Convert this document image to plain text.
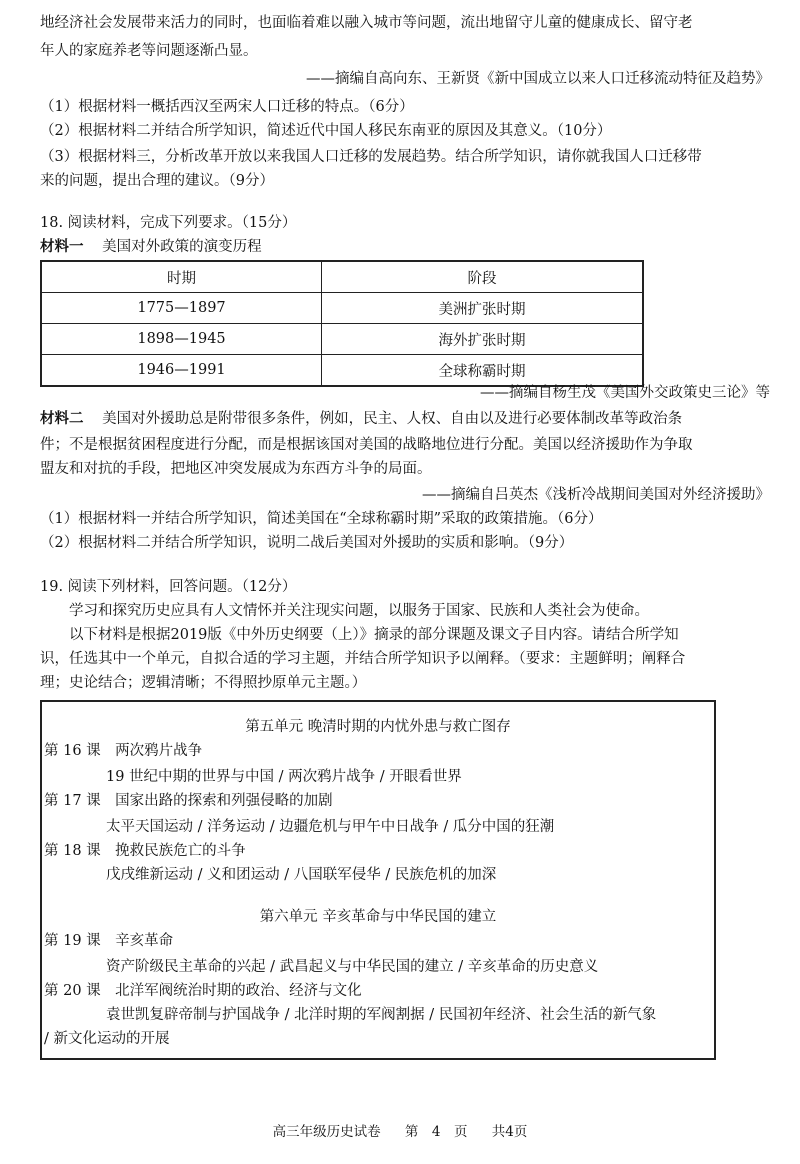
地经济社会发展带来活力的同时，也面临着难以融入城市等问题，流出地留守儿童的健康成长、留守老

年人的家庭养老等问题逐渐凸显。

——摘编自高向东、王新贤《新中国成立以来人口迁移流动特征及趋势》

（1）根据材料一概括西汉至两宋人口迁移的特点。（6分）

（2）根据材料二并结合所学知识，简述近代中国人移民东南亚的原因及其意义。（10分）

（3）根据材料三，分析改革开放以来我国人口迁移的发展趋势。结合所学知识，请你就我国人口迁移带

来的问题，提出合理的建议。（9分）

18. 阅读材料，完成下列要求。（15分）

材料一 美国对外政策的演变历程

时期	阶段
1775—1897	美洲扩张时期
1898—1945	海外扩张时期
1946—1991	全球称霸时期

——摘编自杨生茂《美国外交政策史三论》等

材料二 美国对外援助总是附带很多条件，例如，民主、人权、自由以及进行必要体制改革等政治条

件；不是根据贫困程度进行分配，而是根据该国对美国的战略地位进行分配。美国以经济援助作为争取

盟友和对抗的手段，把地区冲突发展成为东西方斗争的局面。

——摘编自吕英杰《浅析冷战期间美国对外经济援助》

（1）根据材料一并结合所学知识，简述美国在“全球称霸时期”采取的政策措施。（6分）

（2）根据材料二并结合所学知识，说明二战后美国对外援助的实质和影响。（9分）

19. 阅读下列材料，回答问题。（12分）

学习和探究历史应具有人文情怀并关注现实问题，以服务于国家、民族和人类社会为使命。

以下材料是根据2019版《中外历史纲要（上）》摘录的部分课题及课文子目内容。请结合所学知

识，任选其中一个单元，自拟合适的学习主题，并结合所学知识予以阐释。（要求：主题鲜明；阐释合

理；史论结合；逻辑清晰；不得照抄原单元主题。）

第五单元 晚清时期的内忧外患与救亡图存
第 16 课　两次鸦片战争
19 世纪中期的世界与中国 / 两次鸦片战争 / 开眼看世界
第 17 课　国家出路的探索和列强侵略的加剧
太平天国运动 / 洋务运动 / 边疆危机与甲午中日战争 / 瓜分中国的狂潮
第 18 课　挽救民族危亡的斗争
戊戌维新运动 / 义和团运动 / 八国联军侵华 / 民族危机的加深
第六单元 辛亥革命与中华民国的建立
第 19 课　辛亥革命
资产阶级民主革命的兴起 / 武昌起义与中华民国的建立 / 辛亥革命的历史意义
第 20 课　北洋军阀统治时期的政治、经济与文化
袁世凯复辟帝制与护国战争 / 北洋时期的军阀割据 / 民国初年经济、社会生活的新气象
/ 新文化运动的开展
高三年级历史试卷 第　4　页 共4页
